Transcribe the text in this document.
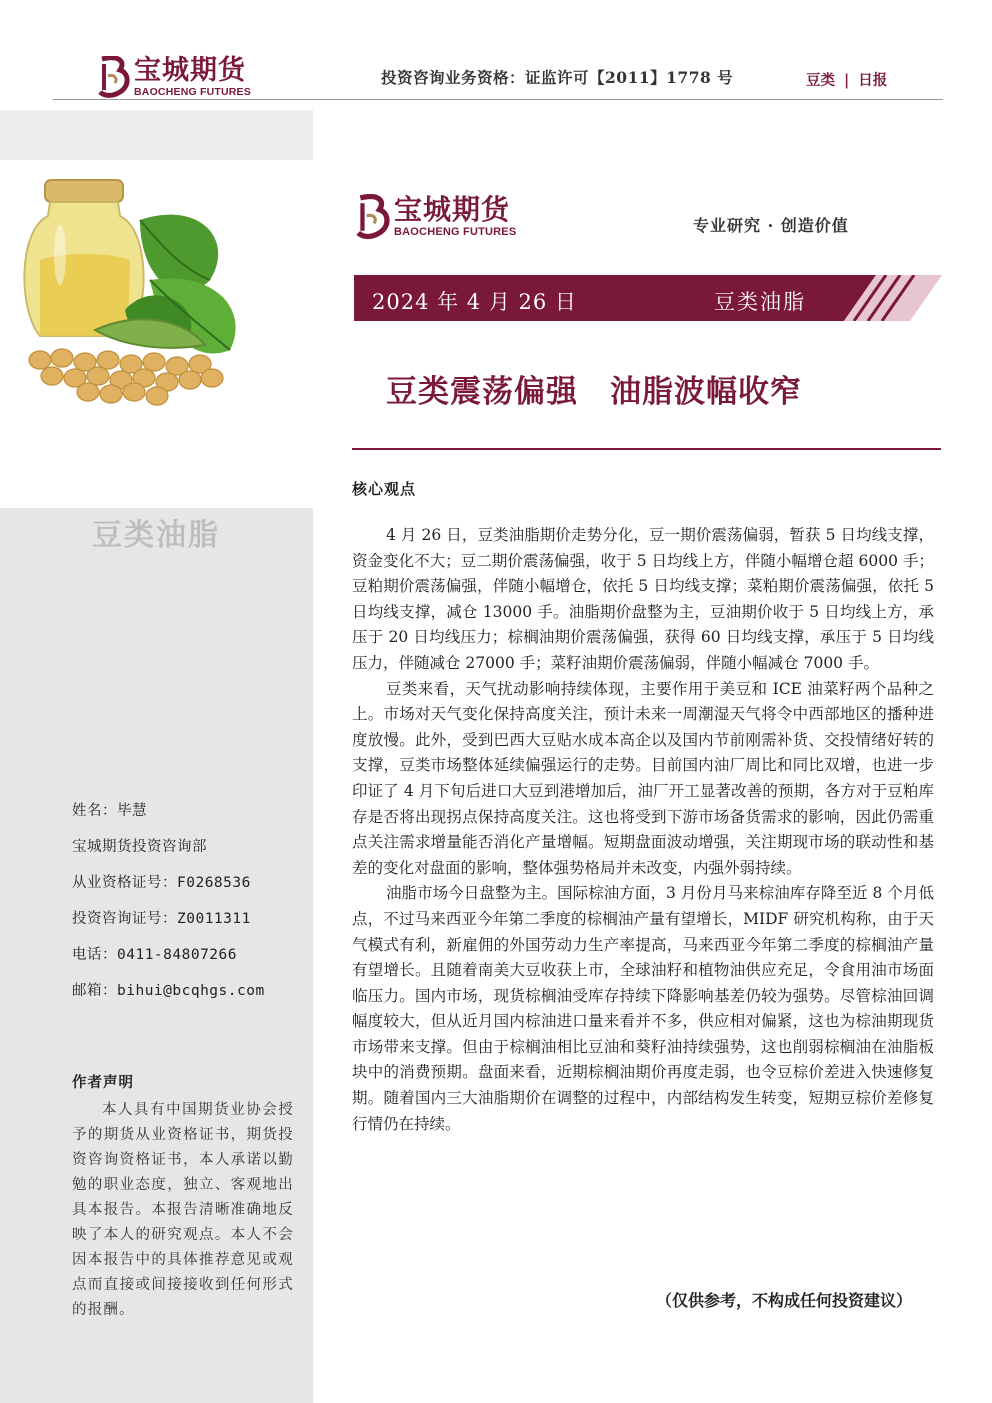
宝城期货
BAOCHENG FUTURES
投资咨询业务资格：证监许可【2011】1778 号	豆类 | 日报
豆类油脂
姓名：毕慧
宝城期货投资咨询部
从业资格证号：F0268536
投资咨询证号：Z0011311
电话：0411-84807266
邮箱：bihui@bcqhgs.com
作者声明
本人具有中国期货业协会授予的期货从业资格证书，期货投资咨询资格证书，本人承诺以勤勉的职业态度，独立、客观地出具本报告。本报告清晰准确地反映了本人的研究观点。本人不会因本报告中的具体推荐意见或观点而直接或间接接收到任何形式的报酬。
宝城期货
BAOCHENG FUTURES	专业研究 · 创造价值
2024 年 4 月 26 日	豆类油脂
豆类震荡偏强 油脂波幅收窄
核心观点

4 月 26 日，豆类油脂期价走势分化，豆一期价震荡偏弱，暂获 5 日均线支撑，资金变化不大；豆二期价震荡偏强，收于 5 日均线上方，伴随小幅增仓超 6000 手；豆粕期价震荡偏强，伴随小幅增仓，依托 5 日均线支撑；菜粕期价震荡偏强，依托 5 日均线支撑，减仓 13000 手。油脂期价盘整为主，豆油期价收于 5 日均线上方，承压于 20 日均线压力；棕榈油期价震荡偏强，获得 60 日均线支撑，承压于 5 日均线压力，伴随减仓 27000 手；菜籽油期价震荡偏弱，伴随小幅减仓 7000 手。

豆类来看，天气扰动影响持续体现，主要作用于美豆和 ICE 油菜籽两个品种之上。市场对天气变化保持高度关注，预计未来一周潮湿天气将令中西部地区的播种进度放慢。此外，受到巴西大豆贴水成本高企以及国内节前刚需补货、交投情绪好转的支撑，豆类市场整体延续偏强运行的走势。目前国内油厂周比和同比双增，也进一步印证了 4 月下旬后进口大豆到港增加后，油厂开工显著改善的预期，各方对于豆粕库存是否将出现拐点保持高度关注。这也将受到下游市场备货需求的影响，因此仍需重点关注需求增量能否消化产量增幅。短期盘面波动增强，关注期现市场的联动性和基差的变化对盘面的影响，整体强势格局并未改变，内强外弱持续。

油脂市场今日盘整为主。国际棕油方面，3 月份月马来棕油库存降至近 8 个月低点，不过马来西亚今年第二季度的棕榈油产量有望增长，MIDF 研究机构称，由于天气模式有利，新雇佣的外国劳动力生产率提高，马来西亚今年第二季度的棕榈油产量有望增长。且随着南美大豆收获上市，全球油籽和植物油供应充足，令食用油市场面临压力。国内市场，现货棕榈油受库存持续下降影响基差仍较为强势。尽管棕油回调幅度较大，但从近月国内棕油进口量来看并不多，供应相对偏紧，这也为棕油期现货市场带来支撑。但由于棕榈油相比豆油和葵籽油持续强势，这也削弱棕榈油在油脂板块中的消费预期。盘面来看，近期棕榈油期价再度走弱，也令豆棕价差进入快速修复期。随着国内三大油脂期价在调整的过程中，内部结构发生转变，短期豆棕价差修复行情仍在持续。

（仅供参考，不构成任何投资建议）
